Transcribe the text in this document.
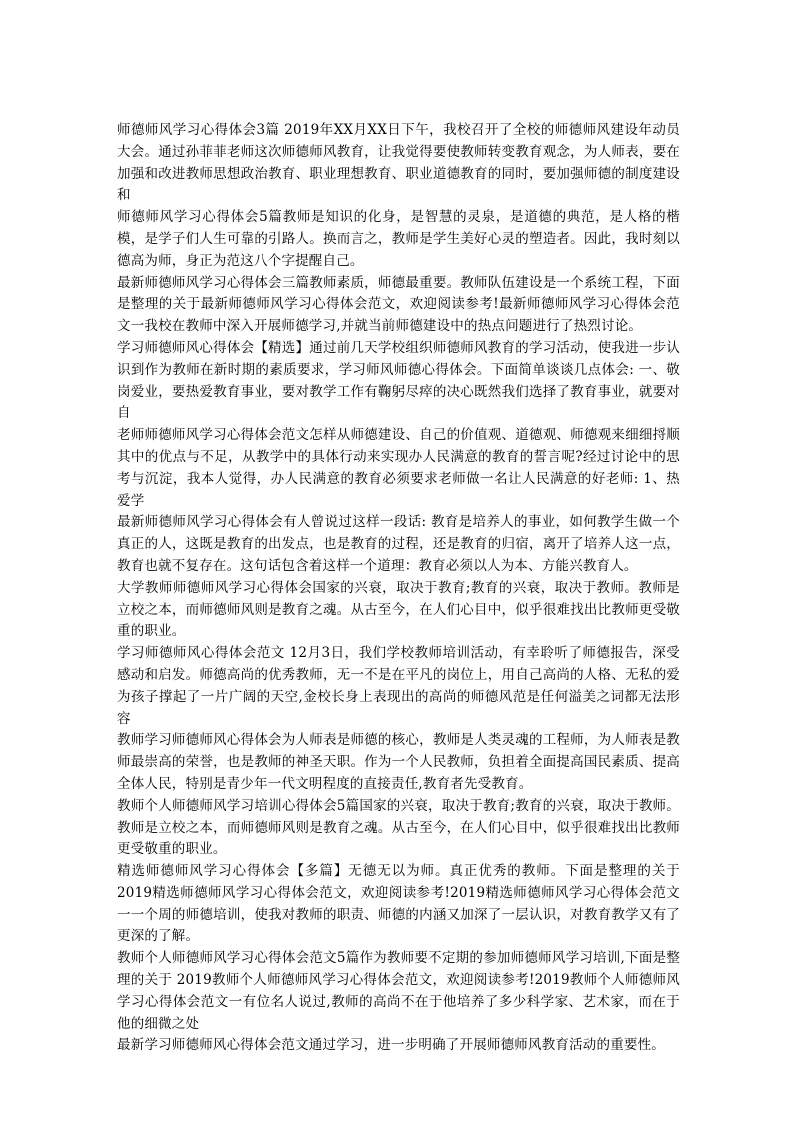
师德师风学习心得体会3篇 2019年XX月XX日下午，我校召开了全校的师德师风建设年动员大会。通过孙菲菲老师这次师德师风教育，让我觉得要使教师转变教育观念，为人师表，要在加强和改进教师思想政治教育、职业理想教育、职业道德教育的同时，要加强师德的制度建设和

师德师风学习心得体会5篇教师是知识的化身，是智慧的灵泉，是道德的典范，是人格的楷模，是学子们人生可靠的引路人。换而言之，教师是学生美好心灵的塑造者。因此，我时刻以德高为师，身正为范这八个字提醒自己。

最新师德师风学习心得体会三篇教师素质，师德最重要。教师队伍建设是一个系统工程，下面是整理的关于最新师德师风学习心得体会范文，欢迎阅读参考!最新师德师风学习心得体会范文一我校在教师中深入开展师德学习,并就当前师德建设中的热点问题进行了热烈讨论。

学习师德师风心得体会【精选】通过前几天学校组织师德师风教育的学习活动，使我进一步认识到作为教师在新时期的素质要求，学习师风师德心得体会。下面简单谈谈几点体会: 一、敬岗爱业，要热爱教育事业，要对教学工作有鞠躬尽瘁的决心既然我们选择了教育事业，就要对自

老师师德师风学习心得体会范文怎样从师德建设、自己的价值观、道德观、师德观来细细捋顺其中的优点与不足，从教学中的具体行动来实现办人民满意的教育的誓言呢?经过讨论中的思考与沉淀，我本人觉得，办人民满意的教育必须要求老师做一名让人民满意的好老师: 1、热爱学

最新师德师风学习心得体会有人曾说过这样一段话: 教育是培养人的事业，如何教学生做一个真正的人，这既是教育的出发点，也是教育的过程，还是教育的归宿，离开了培养人这一点，教育也就不复存在。这句话包含着这样一个道理：教育必须以人为本、方能兴教育人。

大学教师师德师风学习心得体会国家的兴衰，取决于教育;教育的兴衰，取决于教师。教师是立校之本，而师德师风则是教育之魂。从古至今，在人们心目中，似乎很难找出比教师更受敬重的职业。

学习师德师风心得体会范文 12月3日，我们学校教师培训活动，有幸聆听了师德报告，深受感动和启发。师德高尚的优秀教师，无一不是在平凡的岗位上，用自己高尚的人格、无私的爱为孩子撑起了一片广阔的天空,金校长身上表现出的高尚的师德风范是任何溢美之词都无法形容

教师学习师德师风心得体会为人师表是师德的核心，教师是人类灵魂的工程师，为人师表是教师最崇高的荣誉，也是教师的神圣天职。作为一个人民教师，负担着全面提高国民素质、提高全体人民，特别是青少年一代文明程度的直接责任,教育者先受教育。

教师个人师德师风学习培训心得体会5篇国家的兴衰，取决于教育;教育的兴衰，取决于教师。 教师是立校之本，而师德师风则是教育之魂。从古至今，在人们心目中，似乎很难找出比教师更受敬重的职业。

精选师德师风学习心得体会【多篇】无德无以为师。真正优秀的教师。下面是整理的关于 2019精选师德师风学习心得体会范文，欢迎阅读参考!2019精选师德师风学习心得体会范文一一个周的师德培训，使我对教师的职责、师德的内涵又加深了一层认识，对教育教学又有了更深的了解。

教师个人师德师风学习心得体会范文5篇作为教师要不定期的参加师德师风学习培训,下面是整理的关于 2019教师个人师德师风学习心得体会范文，欢迎阅读参考!2019教师个人师德师风学习心得体会范文一有位名人说过,教师的高尚不在于他培养了多少科学家、艺术家，而在于他的细微之处

最新学习师德师风心得体会范文通过学习，进一步明确了开展师德师风教育活动的重要性。
